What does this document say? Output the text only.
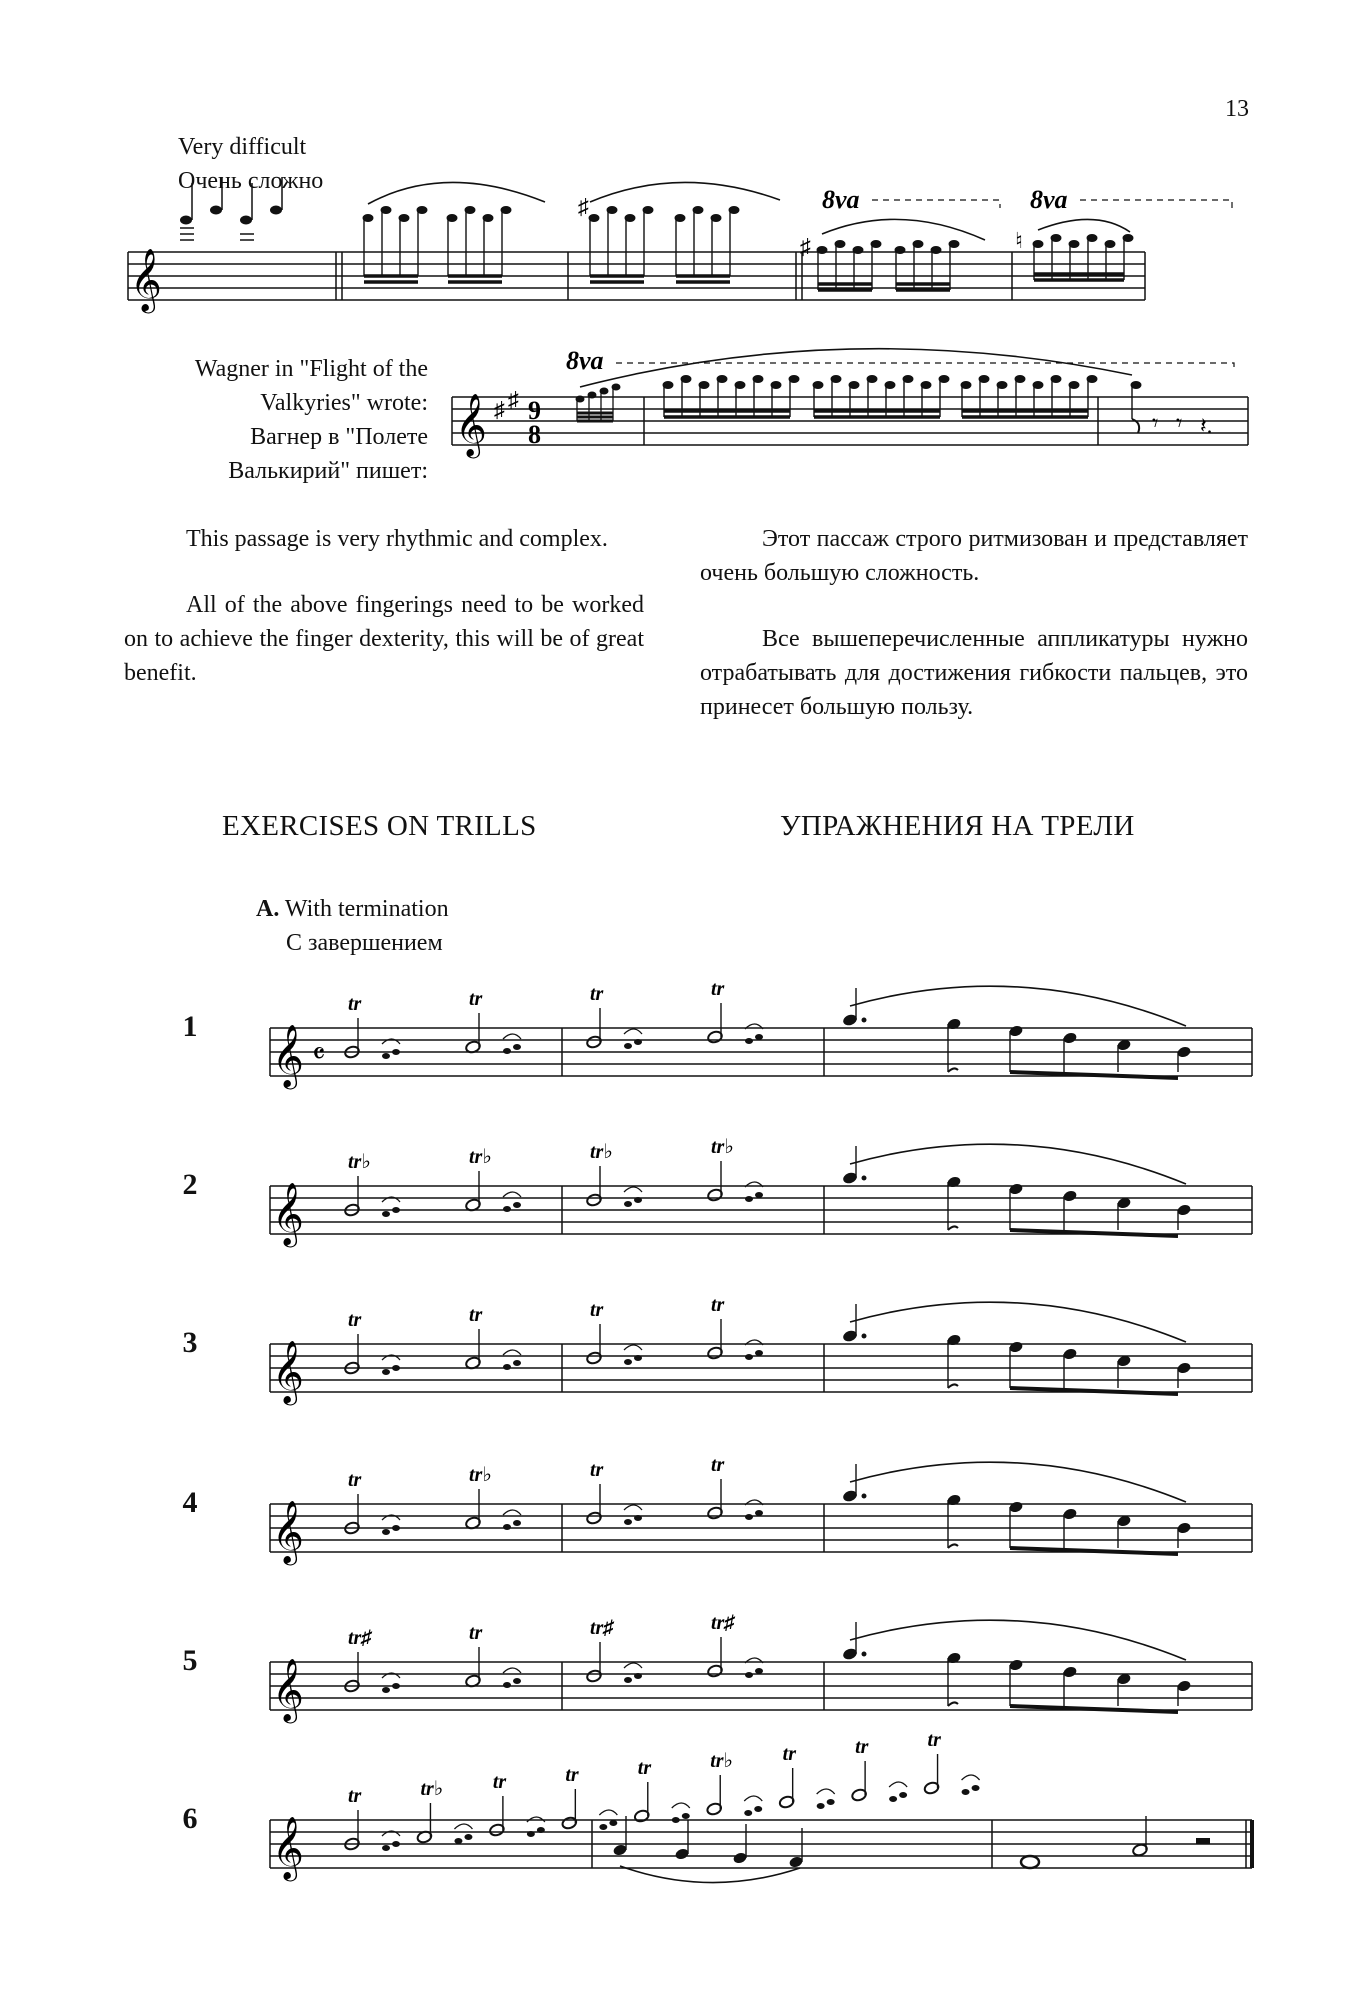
13
Very difficult
Очень сложно
𝄞
♯
♯	♮
8va	8va
Wagner in "Flight of the
Valkyries" wrote:
Вагнер в "Полете
Валькирий" пишет:
𝄞 ♯ ♯ 9
8	𝄾 𝄾 𝄽.
8va

This passage is very rhythmic and complex.

All of the above fingerings need to be worked on to achieve the finger dexterity, this will be of great benefit.

Этот пассаж строго ритмизован и представляет очень большую сложность.

Все вышеперечисленные аппликатуры нужно отрабатывать для достижения гибкости пальцев, это принесет большую пользу.

EXERCISES ON TRILLS	УПРАЖНЕНИЯ НА ТРЕЛИ
A. With termination
С завершением
1
2
3
4
5
6
𝄞 𝄴
tr	tr	tr	tr
𝄞
tr♭	tr♭	tr♭	tr♭
𝄞
tr	tr	tr	tr
𝄞
tr	tr♭	tr	tr
𝄞
tr♯	tr	tr♯	tr♯
𝄞
tr	tr♭ tr	tr	tr	tr♭ tr	tr	tr
